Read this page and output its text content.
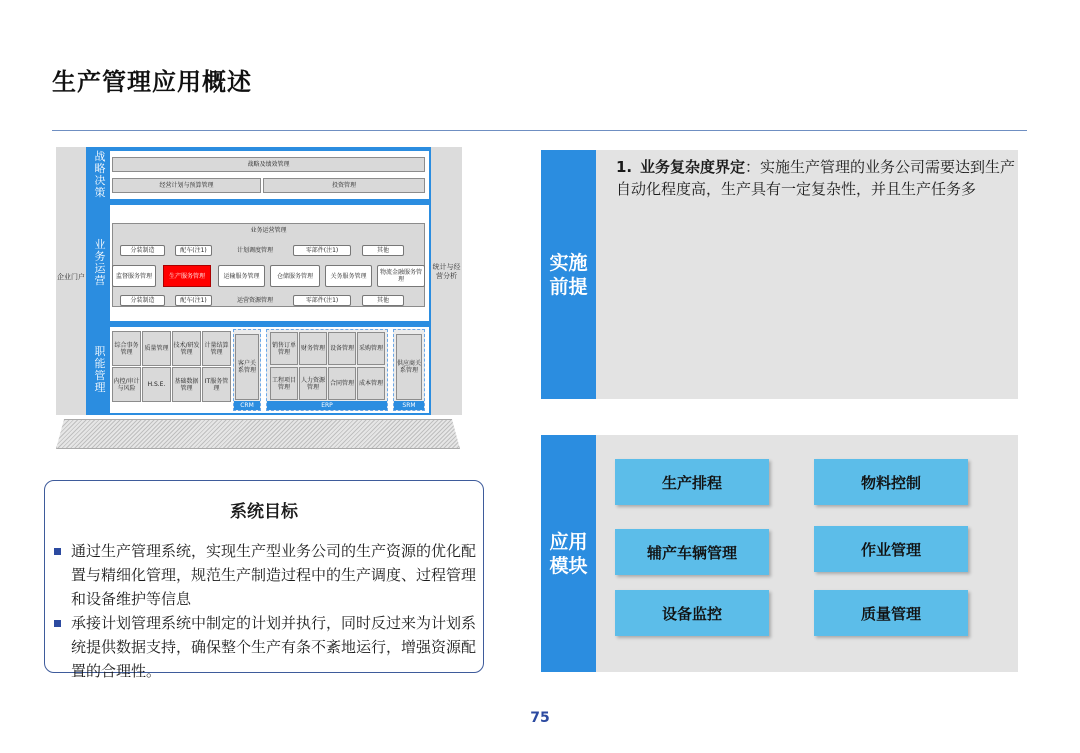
生产管理应用概述
企业门户
统计与经营分析
战略决策
战略及绩效管理
经营计划与预算管理	投资管理
业务运营
业务运营管理
分装制造	配车(注1)	计划调度管理	零部件(注1)	其他
监督服务管理	生产服务管理	运输服务管理	仓储服务管理	关务服务管理	物流金融服务管理
分装制造	配车(注1)	运营资源管理	零部件(注1)	其他
职能管理
综合事务管理	质量管理 技术/研发管理
计量结算管理
内控/审计与风险	H.S.E.	基础数据管理
IT服务管理
客户关系管理
CRM
销售订单管理	财务管理 设备管理 采购管理
工程项目管理
人力资源管理	合同管理 成本管理
ERP
供应商关系管理
SRM
系统目标
通过生产管理系统，实现生产型业务公司的生产资源的优化配置与精细化管理，规范生产制造过程中的生产调度、过程管理和设备维护等信息
承接计划管理系统中制定的计划并执行，同时反过来为计划系统提供数据支持，确保整个生产有条不紊地运行，增强资源配置的合理性。
实施前提
1. 业务复杂度界定：实施生产管理的业务公司需要达到生产自动化程度高，生产具有一定复杂性，并且生产任务多
应用模块
生产排程	物料控制
辅产车辆管理	作业管理
设备监控	质量管理
75
